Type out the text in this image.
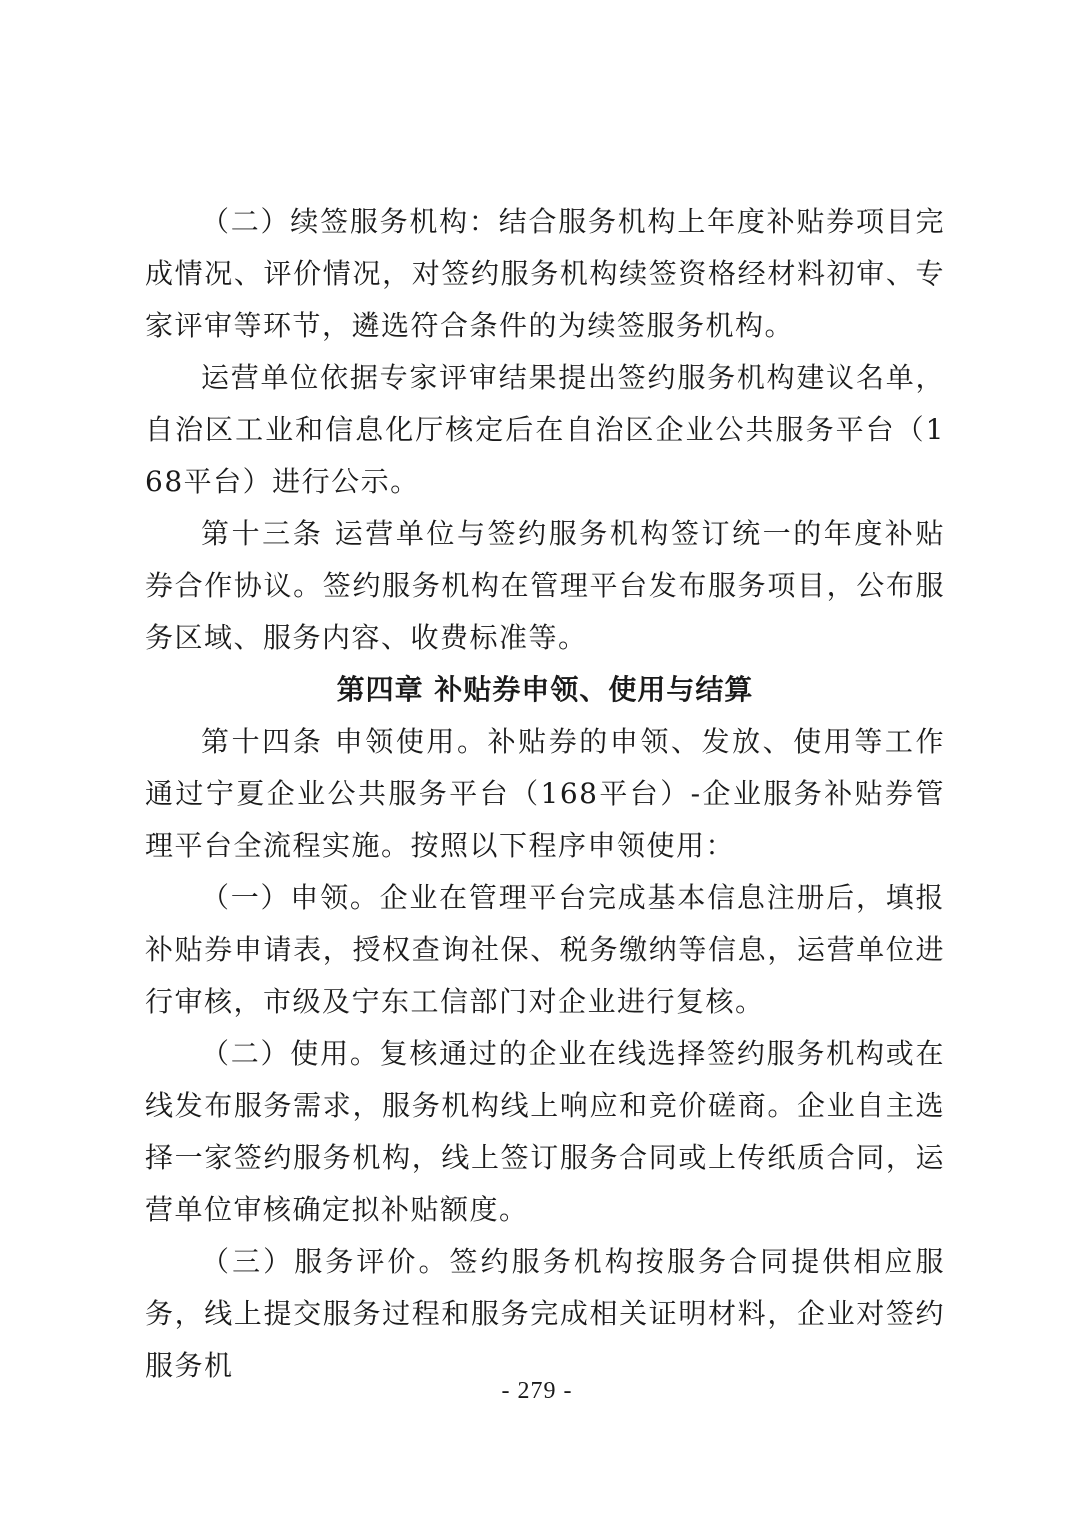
（二）续签服务机构：结合服务机构上年度补贴券项目完成情况、评价情况，对签约服务机构续签资格经材料初审、专家评审等环节，遴选符合条件的为续签服务机构。

运营单位依据专家评审结果提出签约服务机构建议名单，自治区工业和信息化厅核定后在自治区企业公共服务平台（168平台）进行公示。

第十三条 运营单位与签约服务机构签订统一的年度补贴券合作协议。签约服务机构在管理平台发布服务项目，公布服务区域、服务内容、收费标准等。

第四章 补贴券申领、使用与结算

第十四条 申领使用。补贴券的申领、发放、使用等工作通过宁夏企业公共服务平台（168平台）-企业服务补贴券管理平台全流程实施。按照以下程序申领使用：

（一）申领。企业在管理平台完成基本信息注册后，填报补贴券申请表，授权查询社保、税务缴纳等信息，运营单位进行审核，市级及宁东工信部门对企业进行复核。

（二）使用。复核通过的企业在线选择签约服务机构或在线发布服务需求，服务机构线上响应和竞价磋商。企业自主选择一家签约服务机构，线上签订服务合同或上传纸质合同，运营单位审核确定拟补贴额度。

（三）服务评价。签约服务机构按服务合同提供相应服务，线上提交服务过程和服务完成相关证明材料，企业对签约服务机

- 279 -
